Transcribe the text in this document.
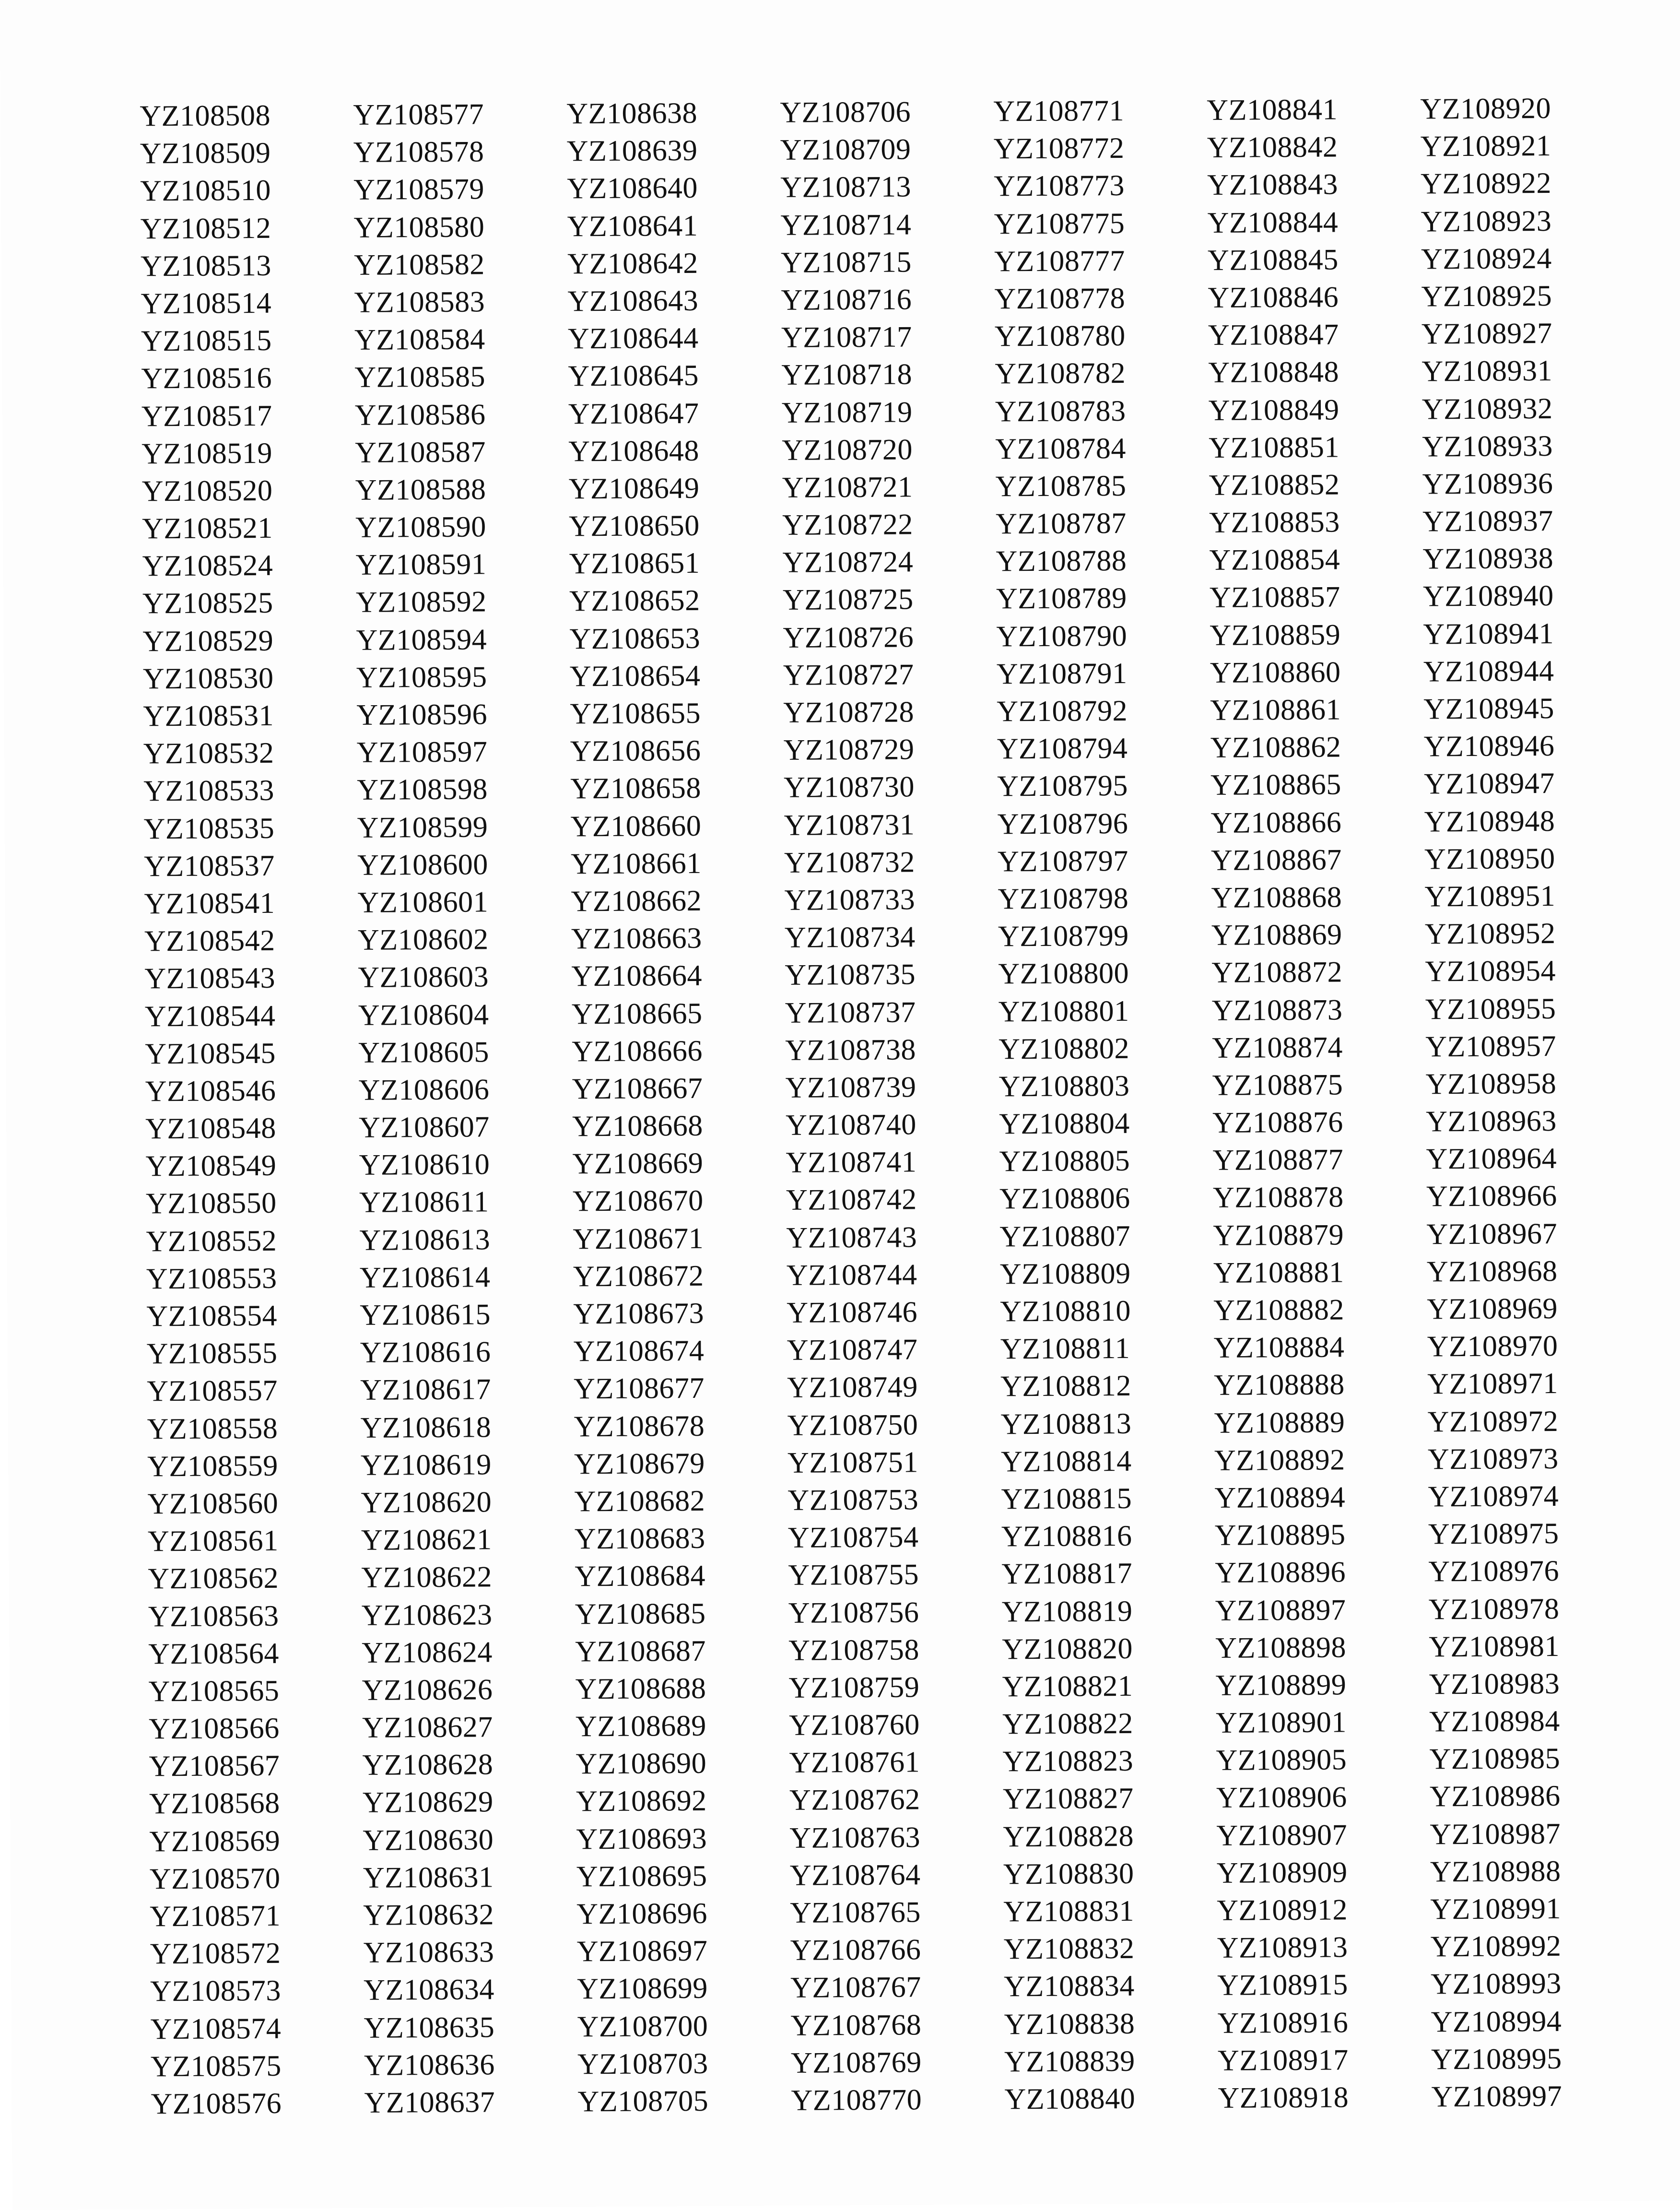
YZ108508
YZ108509
YZ108510
YZ108512
YZ108513
YZ108514
YZ108515
YZ108516
YZ108517
YZ108519
YZ108520
YZ108521
YZ108524
YZ108525
YZ108529
YZ108530
YZ108531
YZ108532
YZ108533
YZ108535
YZ108537
YZ108541
YZ108542
YZ108543
YZ108544
YZ108545
YZ108546
YZ108548
YZ108549
YZ108550
YZ108552
YZ108553
YZ108554
YZ108555
YZ108557
YZ108558
YZ108559
YZ108560
YZ108561
YZ108562
YZ108563
YZ108564
YZ108565
YZ108566
YZ108567
YZ108568
YZ108569
YZ108570
YZ108571
YZ108572
YZ108573
YZ108574
YZ108575
YZ108576
YZ108577
YZ108578
YZ108579
YZ108580
YZ108582
YZ108583
YZ108584
YZ108585
YZ108586
YZ108587
YZ108588
YZ108590
YZ108591
YZ108592
YZ108594
YZ108595
YZ108596
YZ108597
YZ108598
YZ108599
YZ108600
YZ108601
YZ108602
YZ108603
YZ108604
YZ108605
YZ108606
YZ108607
YZ108610
YZ108611
YZ108613
YZ108614
YZ108615
YZ108616
YZ108617
YZ108618
YZ108619
YZ108620
YZ108621
YZ108622
YZ108623
YZ108624
YZ108626
YZ108627
YZ108628
YZ108629
YZ108630
YZ108631
YZ108632
YZ108633
YZ108634
YZ108635
YZ108636
YZ108637
YZ108638
YZ108639
YZ108640
YZ108641
YZ108642
YZ108643
YZ108644
YZ108645
YZ108647
YZ108648
YZ108649
YZ108650
YZ108651
YZ108652
YZ108653
YZ108654
YZ108655
YZ108656
YZ108658
YZ108660
YZ108661
YZ108662
YZ108663
YZ108664
YZ108665
YZ108666
YZ108667
YZ108668
YZ108669
YZ108670
YZ108671
YZ108672
YZ108673
YZ108674
YZ108677
YZ108678
YZ108679
YZ108682
YZ108683
YZ108684
YZ108685
YZ108687
YZ108688
YZ108689
YZ108690
YZ108692
YZ108693
YZ108695
YZ108696
YZ108697
YZ108699
YZ108700
YZ108703
YZ108705
YZ108706
YZ108709
YZ108713
YZ108714
YZ108715
YZ108716
YZ108717
YZ108718
YZ108719
YZ108720
YZ108721
YZ108722
YZ108724
YZ108725
YZ108726
YZ108727
YZ108728
YZ108729
YZ108730
YZ108731
YZ108732
YZ108733
YZ108734
YZ108735
YZ108737
YZ108738
YZ108739
YZ108740
YZ108741
YZ108742
YZ108743
YZ108744
YZ108746
YZ108747
YZ108749
YZ108750
YZ108751
YZ108753
YZ108754
YZ108755
YZ108756
YZ108758
YZ108759
YZ108760
YZ108761
YZ108762
YZ108763
YZ108764
YZ108765
YZ108766
YZ108767
YZ108768
YZ108769
YZ108770
YZ108771
YZ108772
YZ108773
YZ108775
YZ108777
YZ108778
YZ108780
YZ108782
YZ108783
YZ108784
YZ108785
YZ108787
YZ108788
YZ108789
YZ108790
YZ108791
YZ108792
YZ108794
YZ108795
YZ108796
YZ108797
YZ108798
YZ108799
YZ108800
YZ108801
YZ108802
YZ108803
YZ108804
YZ108805
YZ108806
YZ108807
YZ108809
YZ108810
YZ108811
YZ108812
YZ108813
YZ108814
YZ108815
YZ108816
YZ108817
YZ108819
YZ108820
YZ108821
YZ108822
YZ108823
YZ108827
YZ108828
YZ108830
YZ108831
YZ108832
YZ108834
YZ108838
YZ108839
YZ108840
YZ108841
YZ108842
YZ108843
YZ108844
YZ108845
YZ108846
YZ108847
YZ108848
YZ108849
YZ108851
YZ108852
YZ108853
YZ108854
YZ108857
YZ108859
YZ108860
YZ108861
YZ108862
YZ108865
YZ108866
YZ108867
YZ108868
YZ108869
YZ108872
YZ108873
YZ108874
YZ108875
YZ108876
YZ108877
YZ108878
YZ108879
YZ108881
YZ108882
YZ108884
YZ108888
YZ108889
YZ108892
YZ108894
YZ108895
YZ108896
YZ108897
YZ108898
YZ108899
YZ108901
YZ108905
YZ108906
YZ108907
YZ108909
YZ108912
YZ108913
YZ108915
YZ108916
YZ108917
YZ108918
YZ108920
YZ108921
YZ108922
YZ108923
YZ108924
YZ108925
YZ108927
YZ108931
YZ108932
YZ108933
YZ108936
YZ108937
YZ108938
YZ108940
YZ108941
YZ108944
YZ108945
YZ108946
YZ108947
YZ108948
YZ108950
YZ108951
YZ108952
YZ108954
YZ108955
YZ108957
YZ108958
YZ108963
YZ108964
YZ108966
YZ108967
YZ108968
YZ108969
YZ108970
YZ108971
YZ108972
YZ108973
YZ108974
YZ108975
YZ108976
YZ108978
YZ108981
YZ108983
YZ108984
YZ108985
YZ108986
YZ108987
YZ108988
YZ108991
YZ108992
YZ108993
YZ108994
YZ108995
YZ108997
